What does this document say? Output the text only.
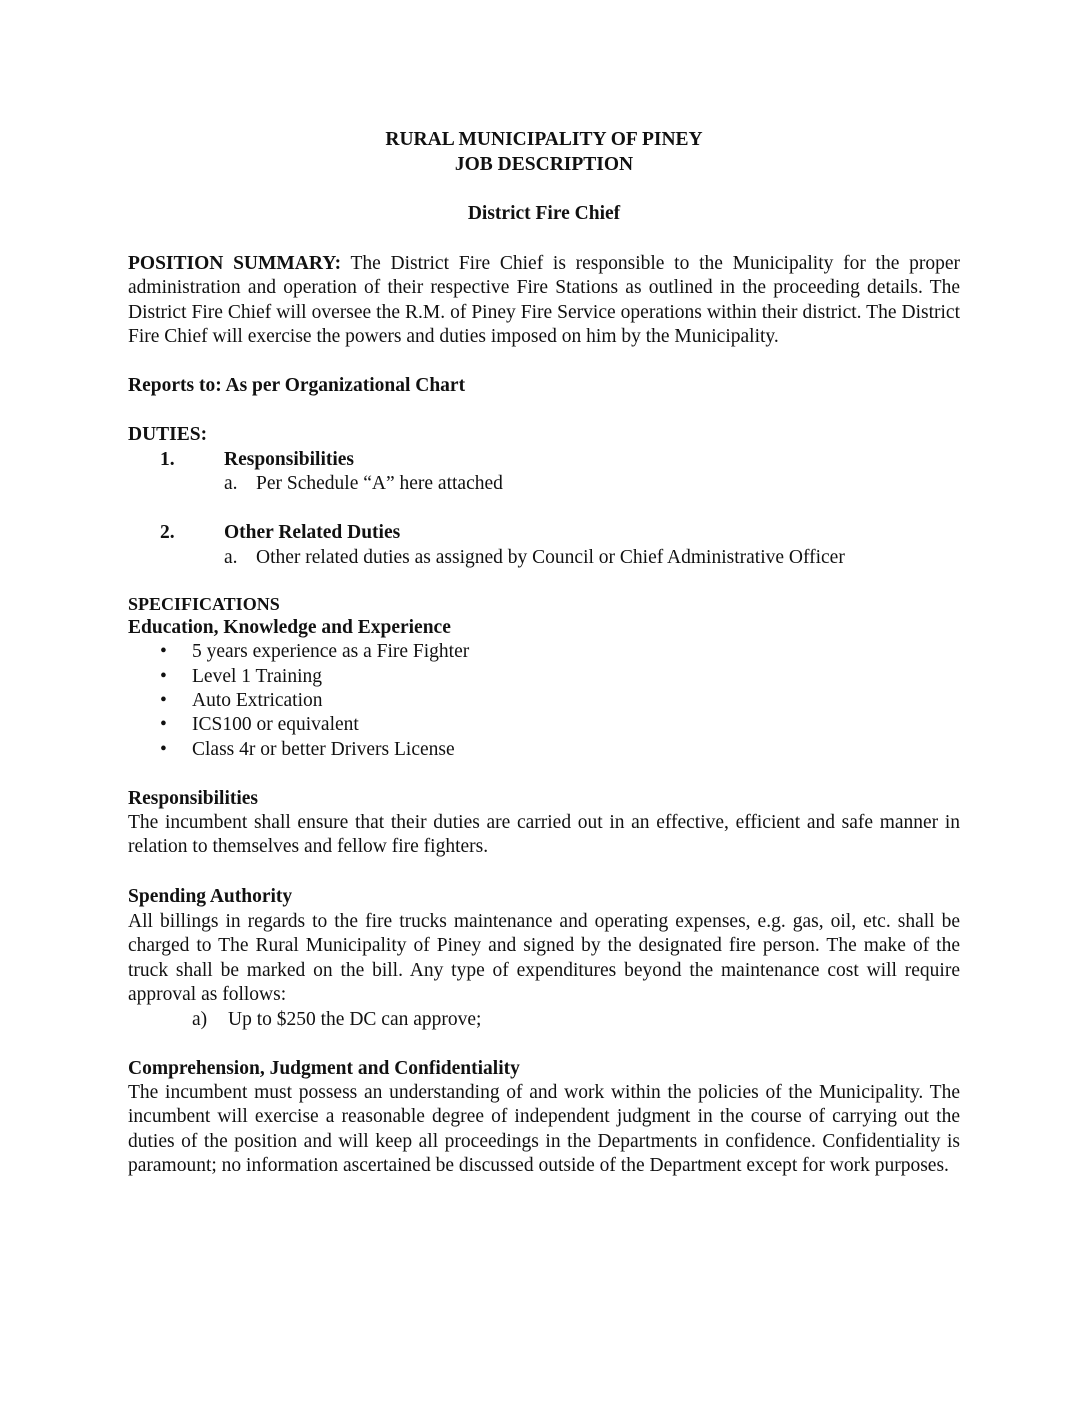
RURAL MUNICIPALITY OF PINEY
JOB DESCRIPTION
District Fire Chief
POSITION SUMMARY: The District Fire Chief is responsible to the Municipality for the proper administration and operation of their respective Fire Stations as outlined in the proceeding details. The District Fire Chief will oversee the R.M. of Piney Fire Service operations within their district. The District Fire Chief will exercise the powers and duties imposed on him by the Municipality.
Reports to: As per Organizational Chart
DUTIES:
1.	Responsibilities
a. Per Schedule “A” here attached
2.	Other Related Duties
a. Other related duties as assigned by Council or Chief Administrative Officer
SPECIFICATIONS
Education, Knowledge and Experience
• 5 years experience as a Fire Fighter
• Level 1 Training
• Auto Extrication
• ICS100 or equivalent
• Class 4r or better Drivers License
Responsibilities
The incumbent shall ensure that their duties are carried out in an effective, efficient and safe manner in relation to themselves and fellow fire fighters.
Spending Authority
All billings in regards to the fire trucks maintenance and operating expenses, e.g. gas, oil, etc. shall be charged to The Rural Municipality of Piney and signed by the designated fire person. The make of the truck shall be marked on the bill. Any type of expenditures beyond the maintenance cost will require approval as follows:
a) Up to $250 the DC can approve;
Comprehension, Judgment and Confidentiality
The incumbent must possess an understanding of and work within the policies of the Municipality. The incumbent will exercise a reasonable degree of independent judgment in the course of carrying out the duties of the position and will keep all proceedings in the Departments in confidence. Confidentiality is paramount; no information ascertained be discussed outside of the Department except for work purposes.
